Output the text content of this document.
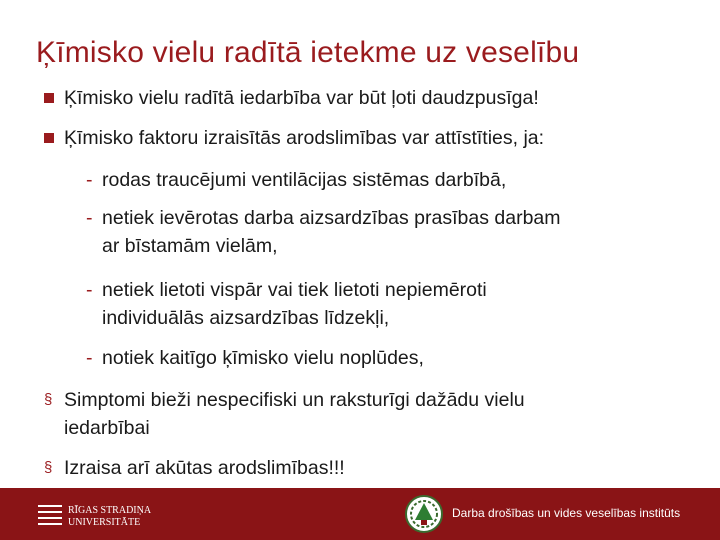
Ķīmisko vielu radītā ietekme uz veselību
Ķīmisko vielu radītā iedarbība var būt ļoti daudzpusīga!
Ķīmisko faktoru izraisītās arodslimības var attīstīties, ja:
- rodas traucējumi ventilācijas sistēmas darbībā,
- netiek ievērotas darba aizsardzības prasības darbam
ar bīstamām vielām,
- netiek lietoti vispār vai tiek lietoti nepiemēroti
individuālās aizsardzības līdzekļi,
- notiek kaitīgo ķīmisko vielu noplūdes,
§ Simptomi bieži nespecifiski un raksturīgi dažādu vielu
iedarbībai
§ Izraisa arī akūtas arodslimības!!!
RĪGAS STRADIŅA
UNIVERSITĀTE
Darba drošības un vides veselības institūts
